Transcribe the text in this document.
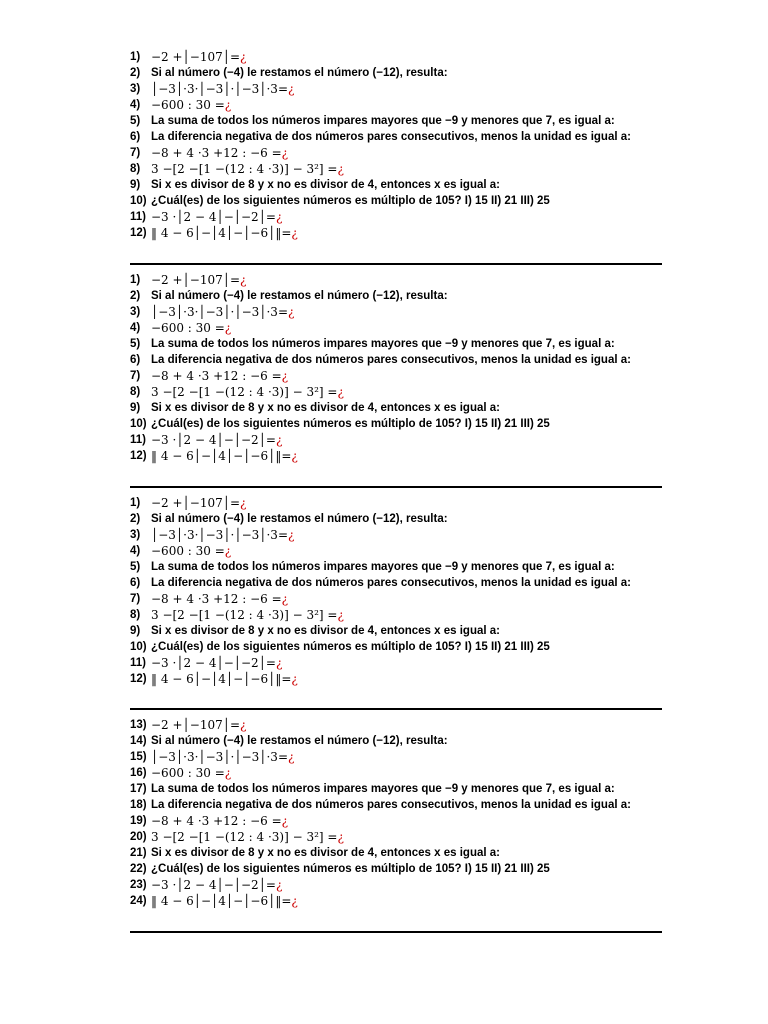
1) −2 +│−107│=¿
2) Si al número (−4) le restamos el número (−12), resulta:
3) │−3│·3·│−3│·│−3│·3=¿
4) −600 : 30 =¿
5) La suma de todos los números impares mayores que −9 y menores que 7, es igual a:
6) La diferencia negativa de dos números pares consecutivos, menos la unidad es igual a:
7) −8 + 4 ·3 +12 : −6 =¿
8) 3 −[2 −[1 −(12 : 4 ·3)] − 3²] =¿
9) Si x es divisor de 8 y x no es divisor de 4, entonces x es igual a:
10) ¿Cuál(es) de los siguientes números es múltiplo de 105? I) 15 II) 21 III) 25
11) −3 ·│2 − 4│−│−2│=¿
12) ‖ 4 − 6│−│4│−│−6│‖=¿
1) −2 +│−107│=¿
2) Si al número (−4) le restamos el número (−12), resulta:
3) │−3│·3·│−3│·│−3│·3=¿
4) −600 : 30 =¿
5) La suma de todos los números impares mayores que −9 y menores que 7, es igual a:
6) La diferencia negativa de dos números pares consecutivos, menos la unidad es igual a:
7) −8 + 4 ·3 +12 : −6 =¿
8) 3 −[2 −[1 −(12 : 4 ·3)] − 3²] =¿
9) Si x es divisor de 8 y x no es divisor de 4, entonces x es igual a:
10) ¿Cuál(es) de los siguientes números es múltiplo de 105? I) 15 II) 21 III) 25
11) −3 ·│2 − 4│−│−2│=¿
12) ‖ 4 − 6│−│4│−│−6│‖=¿
1) −2 +│−107│=¿
2) Si al número (−4) le restamos el número (−12), resulta:
3) │−3│·3·│−3│·│−3│·3=¿
4) −600 : 30 =¿
5) La suma de todos los números impares mayores que −9 y menores que 7, es igual a:
6) La diferencia negativa de dos números pares consecutivos, menos la unidad es igual a:
7) −8 + 4 ·3 +12 : −6 =¿
8) 3 −[2 −[1 −(12 : 4 ·3)] − 3²] =¿
9) Si x es divisor de 8 y x no es divisor de 4, entonces x es igual a:
10) ¿Cuál(es) de los siguientes números es múltiplo de 105? I) 15 II) 21 III) 25
11) −3 ·│2 − 4│−│−2│=¿
12) ‖ 4 − 6│−│4│−│−6│‖=¿
13) −2 +│−107│=¿
14) Si al número (−4) le restamos el número (−12), resulta:
15) │−3│·3·│−3│·│−3│·3=¿
16) −600 : 30 =¿
17) La suma de todos los números impares mayores que −9 y menores que 7, es igual a:
18) La diferencia negativa de dos números pares consecutivos, menos la unidad es igual a:
19) −8 + 4 ·3 +12 : −6 =¿
20) 3 −[2 −[1 −(12 : 4 ·3)] − 3²] =¿
21) Si x es divisor de 8 y x no es divisor de 4, entonces x es igual a:
22) ¿Cuál(es) de los siguientes números es múltiplo de 105? I) 15 II) 21 III) 25
23) −3 ·│2 − 4│−│−2│=¿
24) ‖ 4 − 6│−│4│−│−6│‖=¿
